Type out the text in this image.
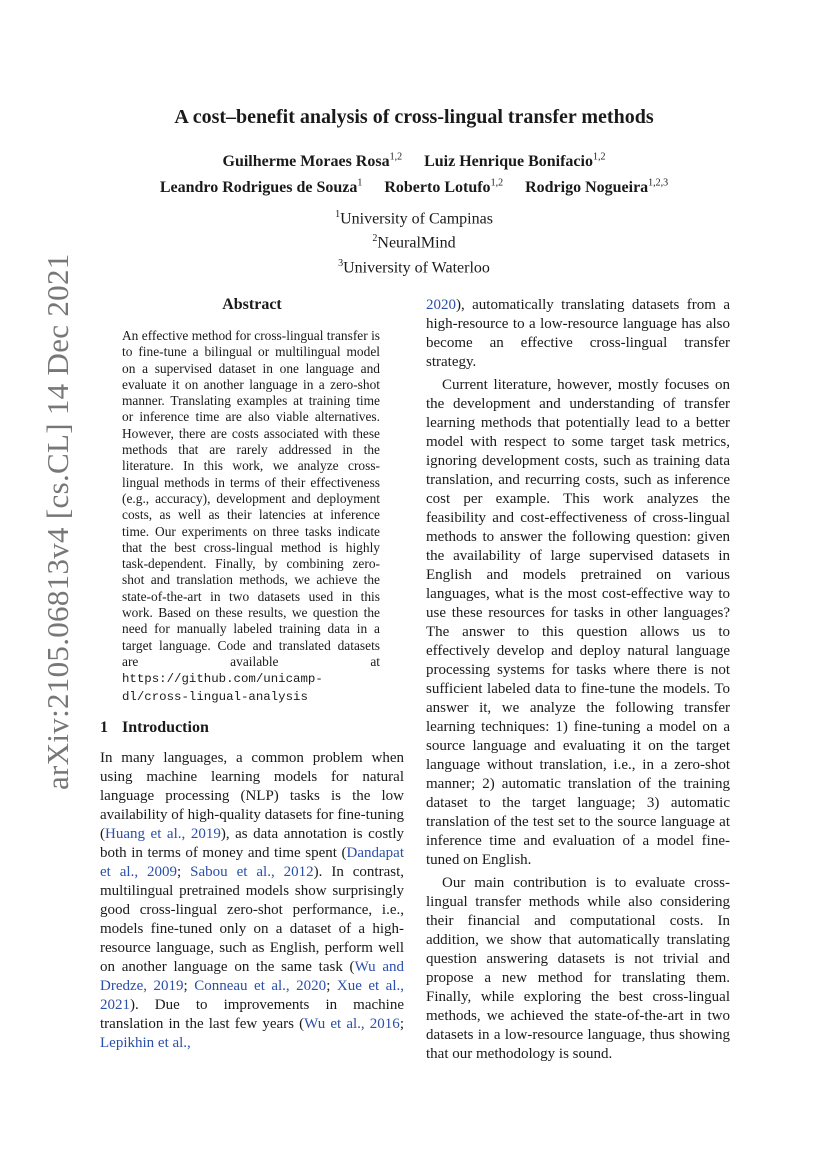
arXiv:2105.06813v4 [cs.CL] 14 Dec 2021
A cost–benefit analysis of cross-lingual transfer methods
Guilherme Moraes Rosa$^{1,2}$ Luiz Henrique Bonifacio$^{1,2}$
Leandro Rodrigues de Souza$^1$ Roberto Lotufo$^{1,2}$ Rodrigo Nogueira$^{1,2,3}$
$^1$University of Campinas
$^2$NeuralMind
$^3$University of Waterloo
Abstract

An effective method for cross-lingual transfer is to fine-tune a bilingual or multilingual model on a supervised dataset in one language and evaluate it on another language in a zero-shot manner. Translating examples at training time or inference time are also viable alternatives. However, there are costs associated with these methods that are rarely addressed in the literature. In this work, we analyze cross-lingual methods in terms of their effectiveness (e.g., accuracy), development and deployment costs, as well as their latencies at inference time. Our experiments on three tasks indicate that the best cross-lingual method is highly task-dependent. Finally, by combining zero-shot and translation methods, we achieve the state-of-the-art in two datasets used in this work. Based on these results, we question the need for manually labeled training data in a target language. Code and translated datasets are available at https://github.com/unicamp-dl/cross-lingual-analysis

1 Introduction

In many languages, a common problem when using machine learning models for natural language processing (NLP) tasks is the low availability of high-quality datasets for fine-tuning (Huang et al., 2019), as data annotation is costly both in terms of money and time spent (Dandapat et al., 2009; Sabou et al., 2012). In contrast, multilingual pretrained models show surprisingly good cross-lingual zero-shot performance, i.e., models fine-tuned only on a dataset of a high-resource language, such as English, perform well on another language on the same task (Wu and Dredze, 2019; Conneau et al., 2020; Xue et al., 2021). Due to improvements in machine translation in the last few years (Wu et al., 2016; Lepikhin et al.,

2020), automatically translating datasets from a high-resource to a low-resource language has also become an effective cross-lingual transfer strategy.

Current literature, however, mostly focuses on the development and understanding of transfer learning methods that potentially lead to a better model with respect to some target task metrics, ignoring development costs, such as training data translation, and recurring costs, such as inference cost per example. This work analyzes the feasibility and cost-effectiveness of cross-lingual methods to answer the following question: given the availability of large supervised datasets in English and models pretrained on various languages, what is the most cost-effective way to use these resources for tasks in other languages? The answer to this question allows us to effectively develop and deploy natural language processing systems for tasks where there is not sufficient labeled data to fine-tune the models. To answer it, we analyze the following transfer learning techniques: 1) fine-tuning a model on a source language and evaluating it on the target language without translation, i.e., in a zero-shot manner; 2) automatic translation of the training dataset to the target language; 3) automatic translation of the test set to the source language at inference time and evaluation of a model fine-tuned on English.

Our main contribution is to evaluate cross-lingual transfer methods while also considering their financial and computational costs. In addition, we show that automatically translating question answering datasets is not trivial and propose a new method for translating them. Finally, while exploring the best cross-lingual methods, we achieved the state-of-the-art in two datasets in a low-resource language, thus showing that our methodology is sound.
